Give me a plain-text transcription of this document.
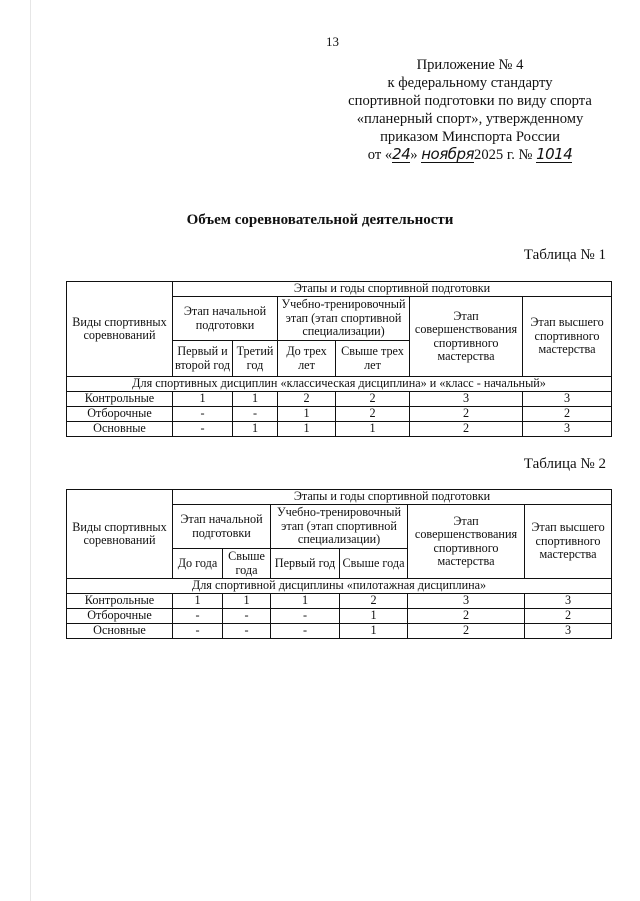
13
Приложение № 4
к федеральному стандарту
спортивной подготовки по виду спорта
«планерный спорт», утвержденному
приказом Минспорта России
от «24» ноября2025 г. № 1014
Объем соревновательной деятельности
Таблица № 1
Виды спортивных соревнований	Этапы и годы спортивной подготовки					
	Этап начальной подготовки		Учебно-тренировочный этап (этап спортивной специализации)		Этап совершенствования спортивного мастерства	Этап высшего спортивного мастерства
	Первый и второй год	Третий год	До трех лет	Свыше трех лет		
Для спортивных дисциплин «классическая дисциплина» и «класс - начальный»						
Контрольные	1	1	2	2	3	3
Отборочные	-	-	1	2	2	2
Основные	-	1	1	1	2	3
Таблица № 2
Виды спортивных соревнований	Этапы и годы спортивной подготовки					
	Этап начальной подготовки		Учебно-тренировочный этап (этап спортивной специализации)		Этап совершенствования спортивного мастерства	Этап высшего спортивного мастерства
	До года	Свыше года	Первый год	Свыше года		
Для спортивной дисциплины «пилотажная дисциплина»						
Контрольные	1	1	1	2	3	3
Отборочные	-	-	-	1	2	2
Основные	-	-	-	1	2	3
